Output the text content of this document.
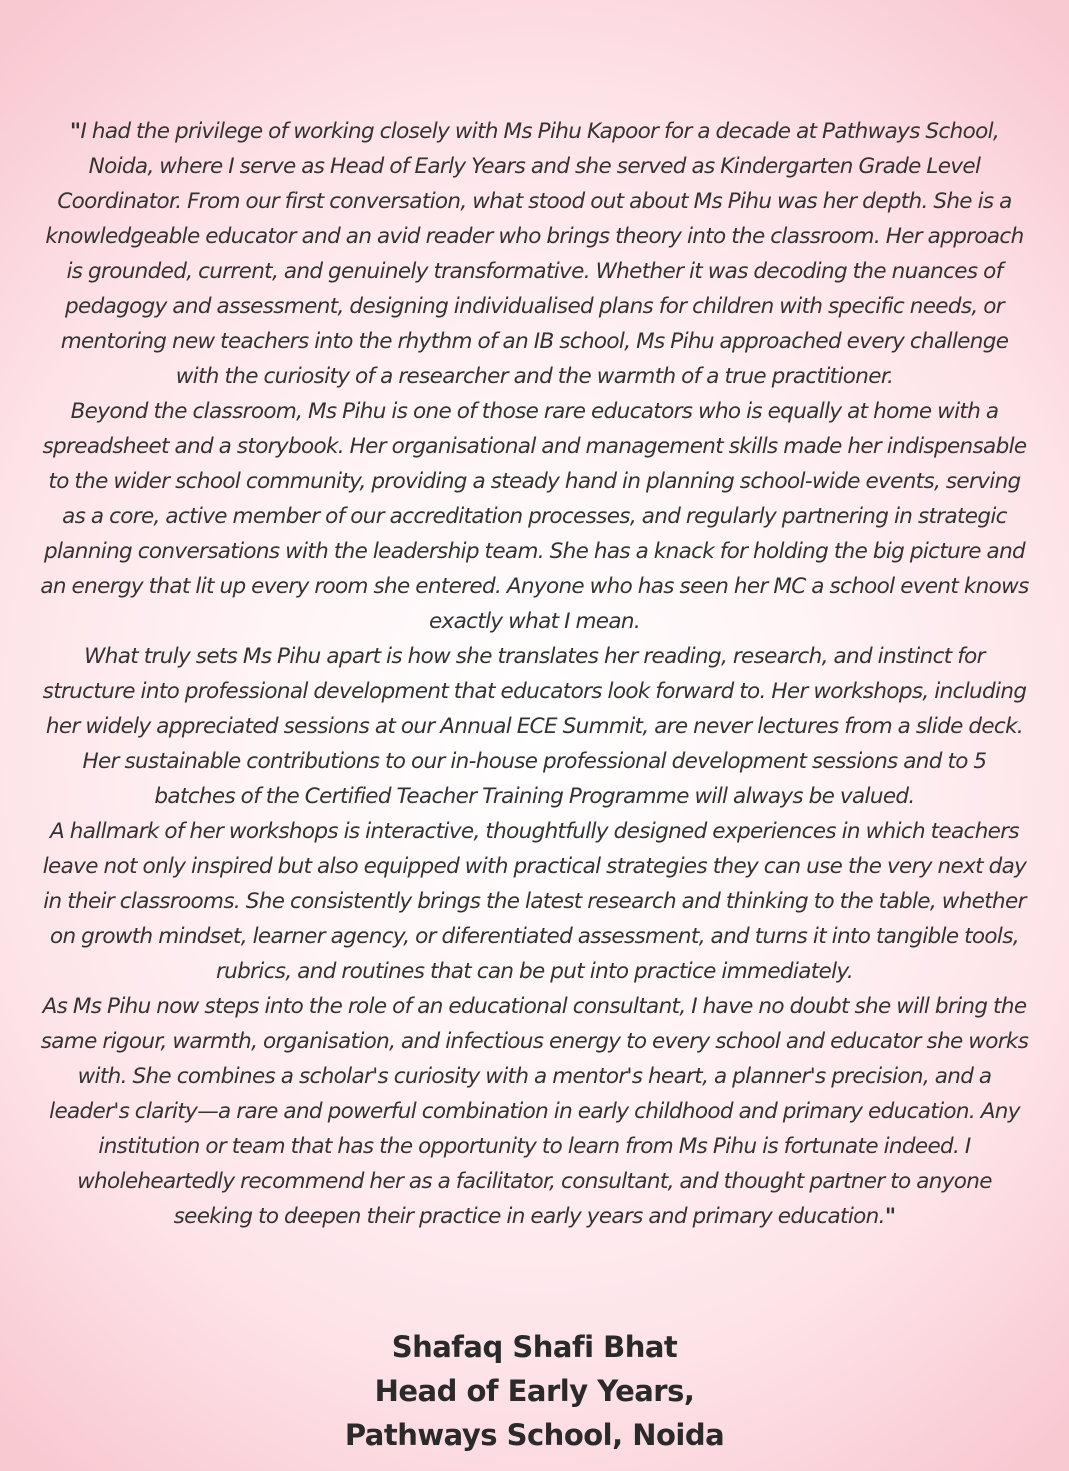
"I had the privilege of working closely with Ms Pihu Kapoor for a decade at Pathways School, Noida, where I serve as Head of Early Years and she served as Kindergarten Grade Level Coordinator. From our first conversation, what stood out about Ms Pihu was her depth. She is a knowledgeable educator and an avid reader who brings theory into the classroom. Her approach is grounded, current, and genuinely transformative. Whether it was decoding the nuances of pedagogy and assessment, designing individualised plans for children with specific needs, or mentoring new teachers into the rhythm of an IB school, Ms Pihu approached every challenge with the curiosity of a researcher and the warmth of a true practitioner.

Beyond the classroom, Ms Pihu is one of those rare educators who is equally at home with a spreadsheet and a storybook. Her organisational and management skills made her indispensable to the wider school community, providing a steady hand in planning school-wide events, serving as a core, active member of our accreditation processes, and regularly partnering in strategic planning conversations with the leadership team. She has a knack for holding the big picture and an energy that lit up every room she entered. Anyone who has seen her MC a school event knows exactly what I mean.

What truly sets Ms Pihu apart is how she translates her reading, research, and instinct for structure into professional development that educators look forward to. Her workshops, including her widely appreciated sessions at our Annual ECE Summit, are never lectures from a slide deck. Her sustainable contributions to our in-house professional development sessions and to 5 batches of the Certified Teacher Training Programme will always be valued.

A hallmark of her workshops is interactive, thoughtfully designed experiences in which teachers leave not only inspired but also equipped with practical strategies they can use the very next day in their classrooms. She consistently brings the latest research and thinking to the table, whether on growth mindset, learner agency, or diferentiated assessment, and turns it into tangible tools, rubrics, and routines that can be put into practice immediately.

As Ms Pihu now steps into the role of an educational consultant, I have no doubt she will bring the same rigour, warmth, organisation, and infectious energy to every school and educator she works with. She combines a scholar's curiosity with a mentor's heart, a planner's precision, and a leader's clarity—a rare and powerful combination in early childhood and primary education. Any institution or team that has the opportunity to learn from Ms Pihu is fortunate indeed. I wholeheartedly recommend her as a facilitator, consultant, and thought partner to anyone seeking to deepen their practice in early years and primary education."

Shafaq Shafi Bhat
Head of Early Years,
Pathways School, Noida
